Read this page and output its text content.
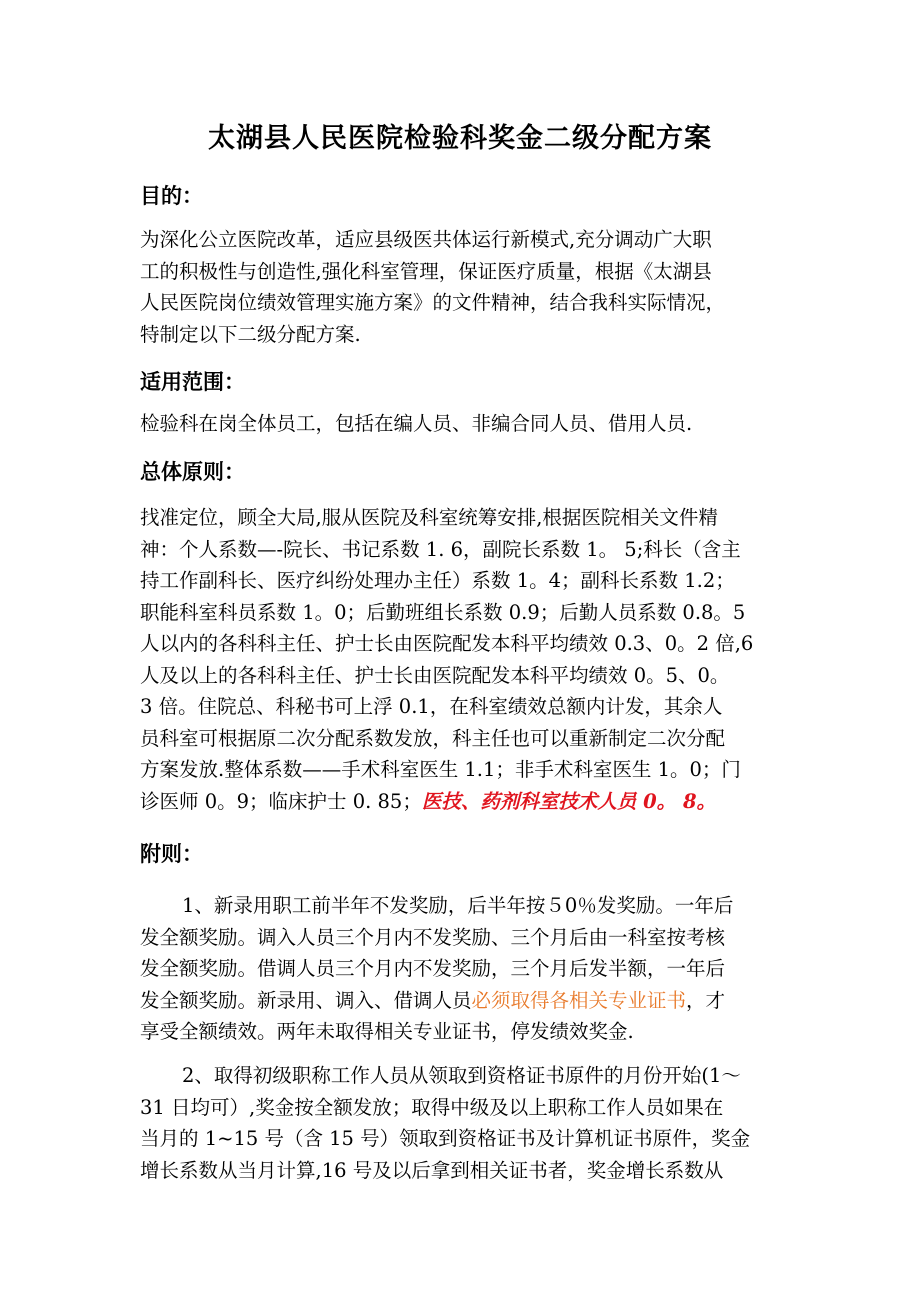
太湖县人民医院检验科奖金二级分配方案
目的：
为深化公立医院改革，适应县级医共体运行新模式,充分调动广大职
工的积极性与创造性,强化科室管理，保证医疗质量，根据《太湖县
人民医院岗位绩效管理实施方案》的文件精神，结合我科实际情况，
特制定以下二级分配方案.
适用范围：
检验科在岗全体员工，包括在编人员、非编合同人员、借用人员.
总体原则：
找准定位，顾全大局,服从医院及科室统筹安排,根据医院相关文件精
神：个人系数—-院长、书记系数 1. 6，副院长系数 1。 5;科长（含主
持工作副科长、医疗纠纷处理办主任）系数 1。4；副科长系数 1.2；
职能科室科员系数 1。0；后勤班组长系数 0.9；后勤人员系数 0.8。5
人以内的各科科主任、护士长由医院配发本科平均绩效 0.3、0。2 倍,6
人及以上的各科科主任、护士长由医院配发本科平均绩效 0。5、0。
3 倍。住院总、科秘书可上浮 0.1，在科室绩效总额内计发，其余人
员科室可根据原二次分配系数发放，科主任也可以重新制定二次分配
方案发放.整体系数——手术科室医生 1.1；非手术科室医生 1。0；门
诊医师 0。9；临床护士 0. 85；医技、药剂科室技术人员 0。 8。
附则：
1、新录用职工前半年不发奖励，后半年按５0％发奖励。一年后
发全额奖励。调入人员三个月内不发奖励、三个月后由一科室按考核
发全额奖励。借调人员三个月内不发奖励，三个月后发半额，一年后
发全额奖励。新录用、调入、借调人员必须取得各相关专业证书，才
享受全额绩效。两年未取得相关专业证书，停发绩效奖金.
2、取得初级职称工作人员从领取到资格证书原件的月份开始(1～
31 日均可）,奖金按全额发放；取得中级及以上职称工作人员如果在
当月的 1~15 号（含 15 号）领取到资格证书及计算机证书原件，奖金
增长系数从当月计算,16 号及以后拿到相关证书者，奖金增长系数从
